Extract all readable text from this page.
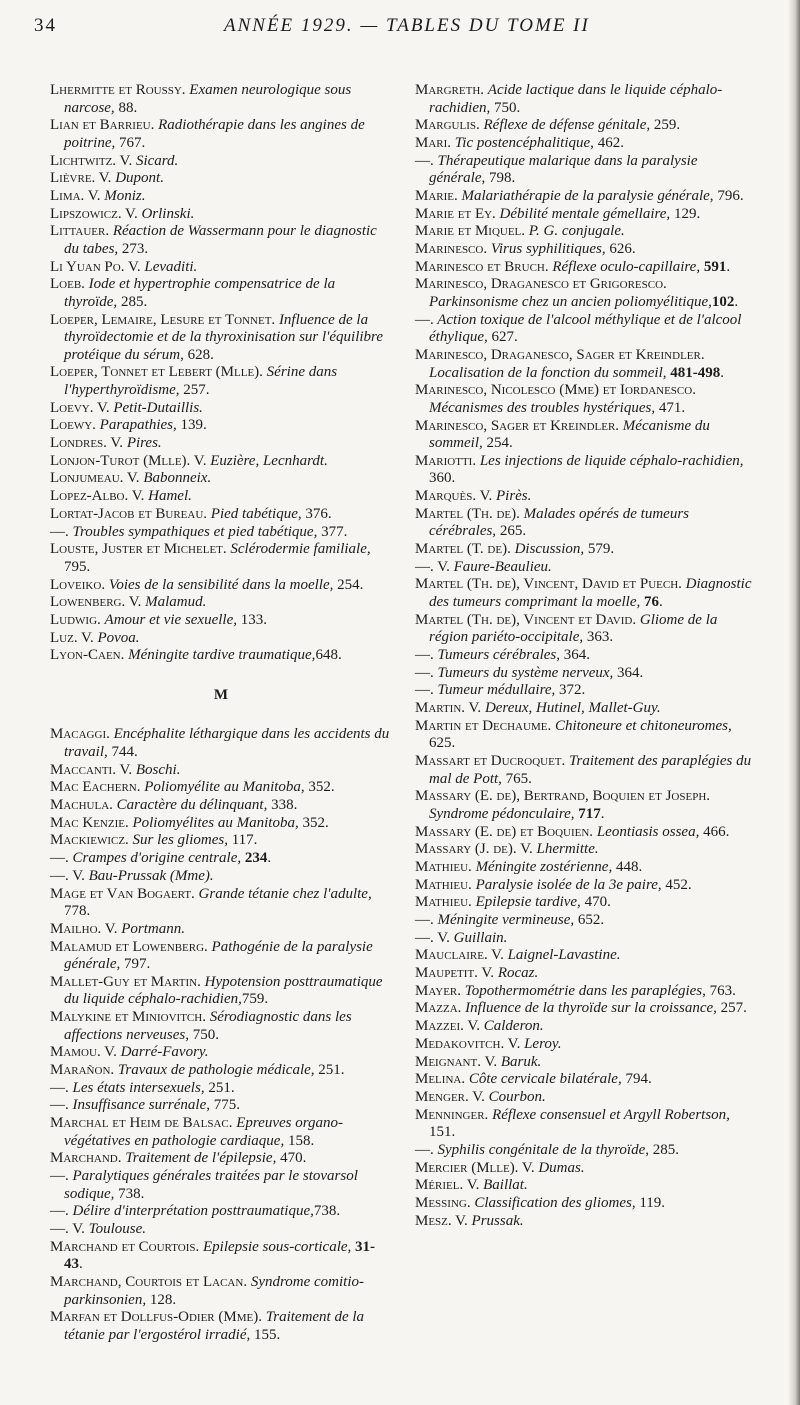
34	ANNÉE 1929. — TABLES DU TOME II

Lhermitte et Roussy. Examen neurologique sous narcose, 88.

Lian et Barrieu. Radiothérapie dans les angines de poitrine, 767.

Lichtwitz. V. Sicard.

Lièvre. V. Dupont.

Lima. V. Moniz.

Lipszowicz. V. Orlinski.

Littauer. Réaction de Wassermann pour le diagnostic du tabes, 273.

Li Yuan Po. V. Levaditi.

Loeb. Iode et hypertrophie compensatrice de la thyroïde, 285.

Loeper, Lemaire, Lesure et Tonnet. Influence de la thyroïdectomie et de la thyroxinisation sur l'équilibre protéique du sérum, 628.

Loeper, Tonnet et Lebert (Mlle). Sérine dans l'hyperthyroïdisme, 257.

Loevy. V. Petit-Dutaillis.

Loewy. Parapathies, 139.

Londres. V. Pires.

Lonjon-Turot (Mlle). V. Euzière, Lecnhardt.

Lonjumeau. V. Babonneix.

Lopez-Albo. V. Hamel.

Lortat-Jacob et Bureau. Pied tabétique, 376.

—. Troubles sympathiques et pied tabétique, 377.

Louste, Juster et Michelet. Sclérodermie familiale, 795.

Loveiko. Voies de la sensibilité dans la moelle, 254.

Lowenberg. V. Malamud.

Ludwig. Amour et vie sexuelle, 133.

Luz. V. Povoa.

Lyon-Caen. Méningite tardive traumatique,648.

M

Macaggi. Encéphalite léthargique dans les accidents du travail, 744.

Maccanti. V. Boschi.

Mac Eachern. Poliomyélite au Manitoba, 352.

Machula. Caractère du délinquant, 338.

Mac Kenzie. Poliomyélites au Manitoba, 352.

Mackiewicz. Sur les gliomes, 117.

—. Crampes d'origine centrale, 234.

—. V. Bau-Prussak (Mme).

Mage et Van Bogaert. Grande tétanie chez l'adulte, 778.

Mailho. V. Portmann.

Malamud et Lowenberg. Pathogénie de la paralysie générale, 797.

Mallet-Guy et Martin. Hypotension posttraumatique du liquide céphalo-rachidien,759.

Malykine et Miniovitch. Sérodiagnostic dans les affections nerveuses, 750.

Mamou. V. Darré-Favory.

Marañon. Travaux de pathologie médicale, 251.

—. Les états intersexuels, 251.

—. Insuffisance surrénale, 775.

Marchal et Heim de Balsac. Epreuves organo-végétatives en pathologie cardiaque, 158.

Marchand. Traitement de l'épilepsie, 470.

—. Paralytiques générales traitées par le stovarsol sodique, 738.

—. Délire d'interprétation posttraumatique,738.

—. V. Toulouse.

Marchand et Courtois. Epilepsie sous-corticale, 31-43.

Marchand, Courtois et Lacan. Syndrome comitio-parkinsonien, 128.

Marfan et Dollfus-Odier (Mme). Traitement de la tétanie par l'ergostérol irradié, 155.

Margreth. Acide lactique dans le liquide céphalo-rachidien, 750.

Margulis. Réflexe de défense génitale, 259.

Mari. Tic postencéphalitique, 462.

—. Thérapeutique malarique dans la paralysie générale, 798.

Marie. Malariathérapie de la paralysie générale, 796.

Marie et Ey. Débilité mentale gémellaire, 129.

Marie et Miquel. P. G. conjugale.

Marinesco. Virus syphilitiques, 626.

Marinesco et Bruch. Réflexe oculo-capillaire, 591.

Marinesco, Draganesco et Grigoresco. Parkinsonisme chez un ancien poliomyélitique,102.

—. Action toxique de l'alcool méthylique et de l'alcool éthylique, 627.

Marinesco, Draganesco, Sager et Kreindler. Localisation de la fonction du sommeil, 481-498.

Marinesco, Nicolesco (Mme) et Iordanesco. Mécanismes des troubles hystériques, 471.

Marinesco, Sager et Kreindler. Mécanisme du sommeil, 254.

Mariotti. Les injections de liquide céphalo-rachidien, 360.

Marquès. V. Pirès.

Martel (Th. de). Malades opérés de tumeurs cérébrales, 265.

Martel (T. de). Discussion, 579.

—. V. Faure-Beaulieu.

Martel (Th. de), Vincent, David et Puech. Diagnostic des tumeurs comprimant la moelle, 76.

Martel (Th. de), Vincent et David. Gliome de la région pariéto-occipitale, 363.

—. Tumeurs cérébrales, 364.

—. Tumeurs du système nerveux, 364.

—. Tumeur médullaire, 372.

Martin. V. Dereux, Hutinel, Mallet-Guy.

Martin et Dechaume. Chitoneure et chitoneuromes, 625.

Massart et Ducroquet. Traitement des paraplégies du mal de Pott, 765.

Massary (E. de), Bertrand, Boquien et Joseph. Syndrome pédonculaire, 717.

Massary (E. de) et Boquien. Leontiasis ossea, 466.

Massary (J. de). V. Lhermitte.

Mathieu. Méningite zostérienne, 448.

Mathieu. Paralysie isolée de la 3e paire, 452.

Mathieu. Epilepsie tardive, 470.

—. Méningite vermineuse, 652.

—. V. Guillain.

Mauclaire. V. Laignel-Lavastine.

Maupetit. V. Rocaz.

Mayer. Topothermométrie dans les paraplégies, 763.

Mazza. Influence de la thyroïde sur la croissance, 257.

Mazzei. V. Calderon.

Medakovitch. V. Leroy.

Meignant. V. Baruk.

Melina. Côte cervicale bilatérale, 794.

Menger. V. Courbon.

Menninger. Réflexe consensuel et Argyll Robertson, 151.

—. Syphilis congénitale de la thyroïde, 285.

Mercier (Mlle). V. Dumas.

Mériel. V. Baillat.

Messing. Classification des gliomes, 119.

Mesz. V. Prussak.
